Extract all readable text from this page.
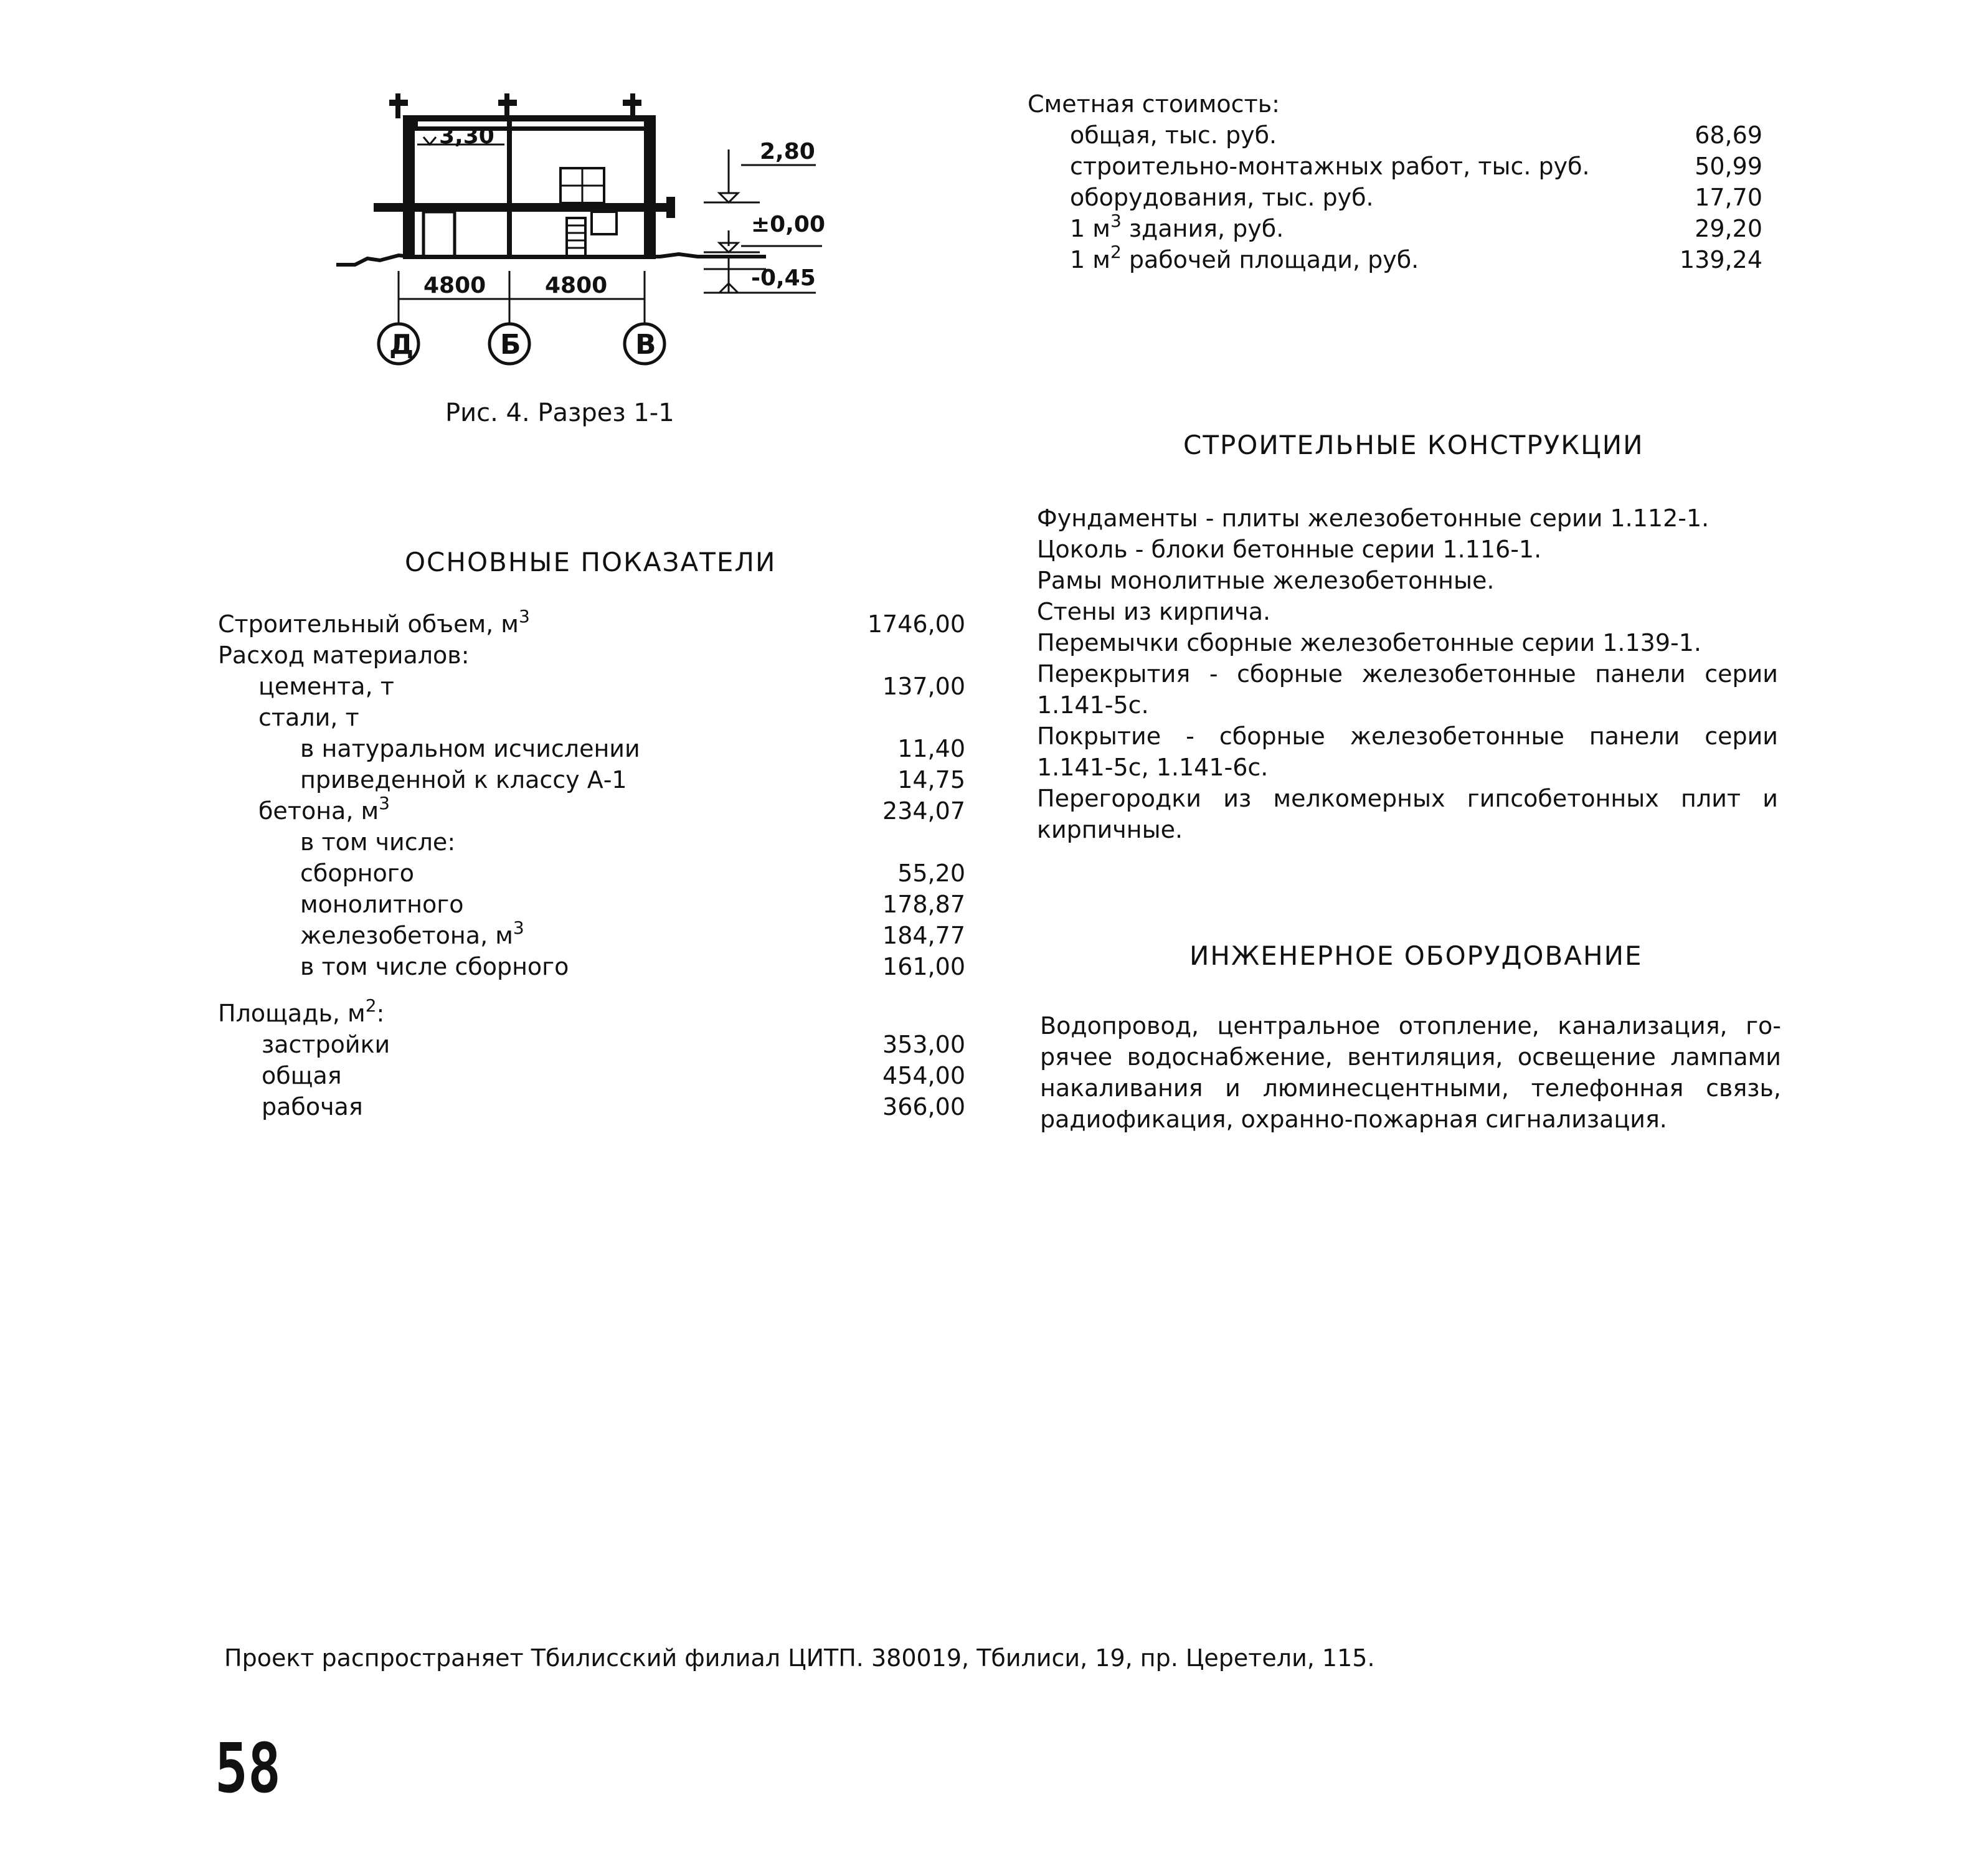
3,30
4800	4800
Д	Б	В
2,80
±0,00
-0,45
Рис. 4. Разрез 1-1
ОСНОВНЫЕ ПОКАЗАТЕЛИ
Строительный объем, $м^3$	1746,00
Расход материалов:
цемента, т	137,00
стали, т
в натуральном исчислении	11,40
приведенной к классу А-1	14,75
бетона, $м^3$	234,07
в том числе:
сборного	55,20
монолитного	178,87
железобетона, $м^3$	184,77
в том числе сборного	161,00
Площадь, $м^2$:
застройки	353,00
общая	454,00
рабочая	366,00
Сметная стоимость:
общая, тыс. руб.	68,69
строительно-монтажных работ, тыс. руб.	50,99
оборудования, тыс. руб.	17,70
1 $м^3$ здания, руб.	29,20
1 $м^2$ рабочей площади, руб.	139,24
СТРОИТЕЛЬНЫЕ КОНСТРУКЦИИ
Фундаменты - плиты железобетонные серии 1.112-1.
Цоколь - блоки бетонные серии 1.116-1.
Рамы монолитные железобетонные.
Стены из кирпича.
Перемычки сборные железобетонные серии 1.139-1.
Перекрытия - сборные железобетонные панели серии
1.141-5с.
Покрытие - сборные железобетонные панели серии
1.141-5с, 1.141-6с.
Перегородки из мелкомерных гипсобетонных плит и
кирпичные.
ИНЖЕНЕРНОЕ ОБОРУДОВАНИЕ
Водопровод, центральное отопление, канализация, го-
рячее водоснабжение, вентиляция, освещение лампами
накаливания и люминесцентными, телефонная связь,
радиофикация, охранно-пожарная сигнализация.
Проект распространяет Тбилисский филиал ЦИТП. 380019, Тбилиси, 19, пр. Церетели, 115.
58
